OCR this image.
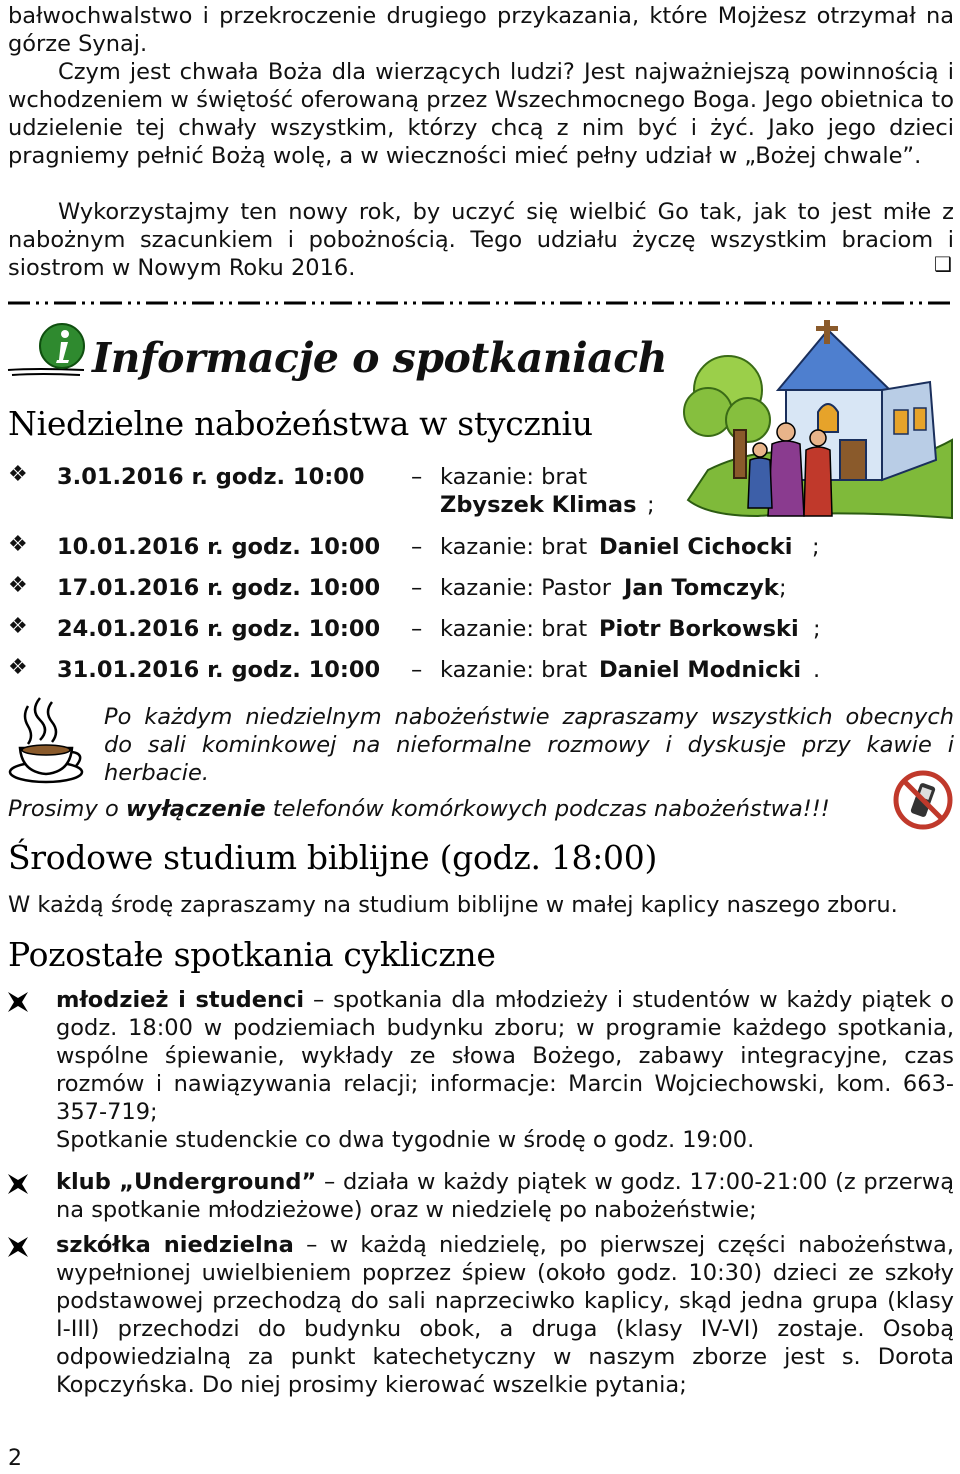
bałwochwalstwo i przekroczenie drugiego przykazania, które Mojżesz otrzymał na górze Synaj.
Czym jest chwała Boża dla wierzących ludzi? Jest najważniejszą powinnością i wchodzeniem w świętość oferowaną przez Wszechmocnego Boga. Jego obietnica to udzielenie tej chwały wszystkim, którzy chcą z nim być i żyć. Jako jego dzieci pragniemy pełnić Bożą wolę, a w wieczności mieć pełny udział w „Bożej chwale”.
Wykorzystajmy ten nowy rok, by uczyć się wielbić Go tak, jak to jest miłe z nabożnym szacunkiem i pobożnością. Tego udziału życzę wszystkim braciom i siostrom w Nowym Roku 2016.	❑
Informacje o spotkaniach
Niedzielne nabożeństwa w styczniu
❖ 3.01.2016 r. godz. 10:00 – kazanie: brat
Zbyszek Klimas ;
❖ 10.01.2016 r. godz. 10:00 – kazanie: brat Daniel Cichocki ;
❖ 17.01.2016 r. godz. 10:00 – kazanie: Pastor Jan Tomczyk ;
❖ 24.01.2016 r. godz. 10:00 – kazanie: brat Piotr Borkowski ;
❖ 31.01.2016 r. godz. 10:00 – kazanie: brat Daniel Modnicki .
Po każdym niedzielnym nabożeństwie zapraszamy wszystkich obecnych do sali kominkowej na nieformalne rozmowy i dyskusje przy kawie i herbacie.
Prosimy o wyłączenie telefonów komórkowych podczas nabożeństwa!!!
Środowe studium biblijne (godz. 18:00)
W każdą środę zapraszamy na studium biblijne w małej kaplicy naszego zboru.
Pozostałe spotkania cykliczne
młodzież i studenci – spotkania dla młodzieży i studentów w każdy piątek o godz. 18:00 w podziemiach budynku zboru; w programie każdego spotkania, wspólne śpiewanie, wykłady ze słowa Bożego, zabawy integracyjne, czas rozmów i nawiązywania relacji; informacje: Marcin Wojciechowski, kom. 663-357-719;
Spotkanie studenckie co dwa tygodnie w środę o godz. 19:00.
klub „Underground” – działa w każdy piątek w godz. 17:00-21:00 (z przerwą na spotkanie młodzieżowe) oraz w niedzielę po nabożeństwie;
szkółka niedzielna – w każdą niedzielę, po pierwszej części nabożeństwa, wypełnionej uwielbieniem poprzez śpiew (około godz. 10:30) dzieci ze szkoły podstawowej przechodzą do sali naprzeciwko kaplicy, skąd jedna grupa (klasy I-III) przechodzi do budynku obok, a druga (klasy IV-VI) zostaje. Osobą odpowiedzialną za punkt katechetyczny w naszym zborze jest s. Dorota Kopczyńska. Do niej prosimy kierować wszelkie pytania;
2
